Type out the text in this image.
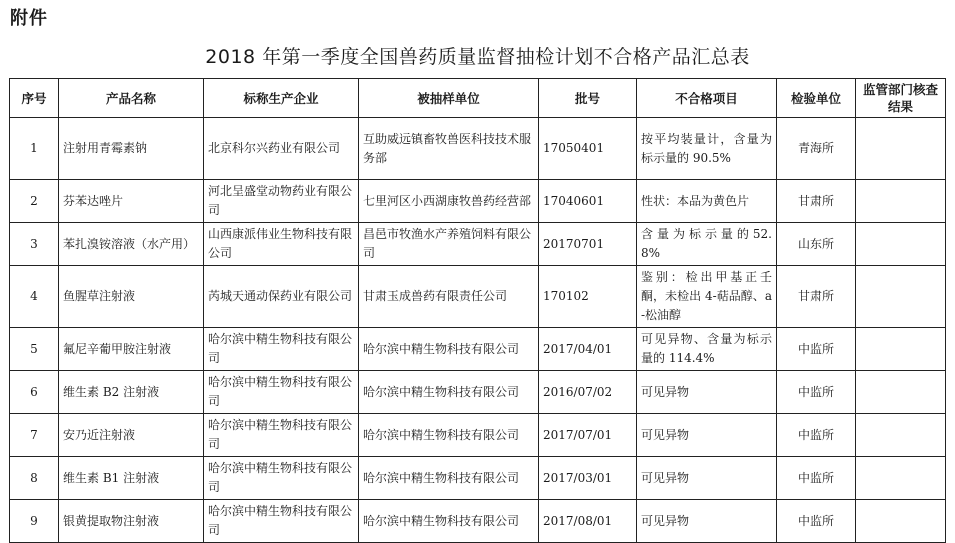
附件
2018 年第一季度全国兽药质量监督抽检计划不合格产品汇总表
序号	产品名称	标称生产企业	被抽样单位	批号	不合格项目	检验单位	监管部门核查结果
1	注射用青霉素钠	北京科尔兴药业有限公司	互助威远镇畜牧兽医科技技术服务部	17050401	按平均装量计，含量为标示量的 90.5%	青海所	
2	芬苯达唑片	河北呈盛堂动物药业有限公司	七里河区小西湖康牧兽药经营部	17040601	性状：本品为黄色片	甘肃所	
3	苯扎溴铵溶液（水产用）	山西康派伟业生物科技有限公司	昌邑市牧渔水产养殖饲料有限公司	20170701	含 量 为 标 示 量 的 52.8%	山东所	
4	鱼腥草注射液	芮城天通动保药业有限公司	甘肃玉成兽药有限责任公司	170102	鉴别：检出甲基正壬酮，未检出 4-萜品醇、a-松油醇	甘肃所	
5	氟尼辛葡甲胺注射液	哈尔滨中精生物科技有限公司	哈尔滨中精生物科技有限公司	2017/04/01	可见异物、含量为标示量的 114.4%	中监所	
6	维生素 B2 注射液	哈尔滨中精生物科技有限公司	哈尔滨中精生物科技有限公司	2016/07/02	可见异物	中监所	
7	安乃近注射液	哈尔滨中精生物科技有限公司	哈尔滨中精生物科技有限公司	2017/07/01	可见异物	中监所	
8	维生素 B1 注射液	哈尔滨中精生物科技有限公司	哈尔滨中精生物科技有限公司	2017/03/01	可见异物	中监所	
9	银黄提取物注射液	哈尔滨中精生物科技有限公司	哈尔滨中精生物科技有限公司	2017/08/01	可见异物	中监所	
